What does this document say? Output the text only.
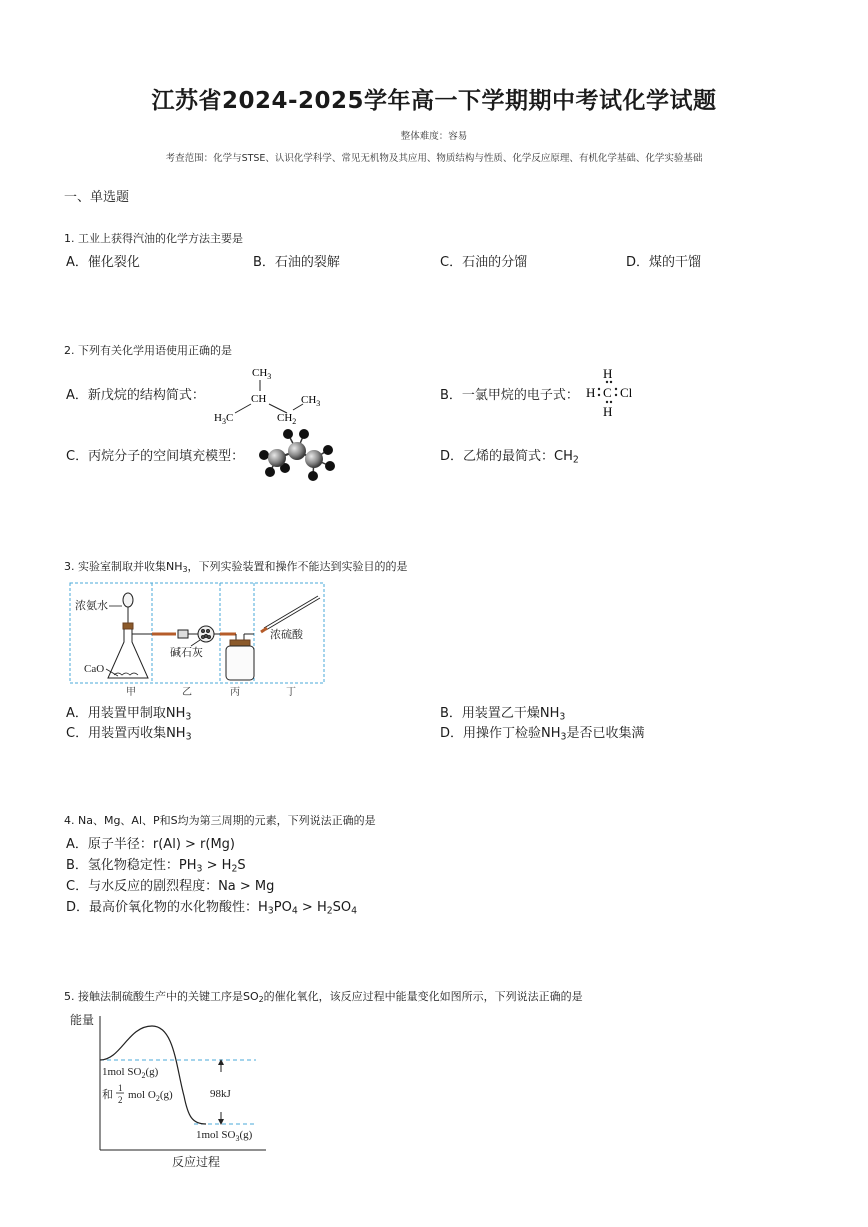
江苏省2024-2025学年高一下学期期中考试化学试题
整体难度：容易
考查范围：化学与STSE、认识化学科学、常见无机物及其应用、物质结构与性质、化学反应原理、有机化学基础、化学实验基础
一、单选题
1. 工业上获得汽油的化学方法主要是
A．催化裂化	B．石油的裂解	C．石油的分馏	D．煤的干馏
2. 下列有关化学用语使用正确的是
A．新戊烷的结构简式：
$CH_3$
CH
$H_3C$	$CH_2$
$CH_3$
B．一氯甲烷的电子式：
H
H C Cl
H
C．丙烷分子的空间填充模型：	D．乙烯的最简式：$CH_2$
3. 实验室制取并收集$NH_3$，下列实验装置和操作不能达到实验目的的是
浓氨水
CaO
碱石灰
浓硫酸
甲	乙	丙	丁
A．用装置甲制取$NH_3$	B．用装置乙干燥$NH_3$
C．用装置丙收集$NH_3$	D．用操作丁检验$NH_3$是否已收集满
4. Na、Mg、Al、P和S均为第三周期的元素，下列说法正确的是
A．原子半径：r(Al) > r(Mg)
B．氢化物稳定性：$PH_3 > H_2S$
C．与水反应的剧烈程度：Na > Mg
D．最高价氧化物的水化物酸性：$H_3PO_4 > H_2SO_4$
5. 接触法制硫酸生产中的关键工序是$SO_2$的催化氧化，该反应过程中能量变化如图所示，下列说法正确的是
能量
98kJ
1mol $SO_2(g)$
和 1
2 mol $O_2(g)$
1mol $SO_3(g)$
反应过程
